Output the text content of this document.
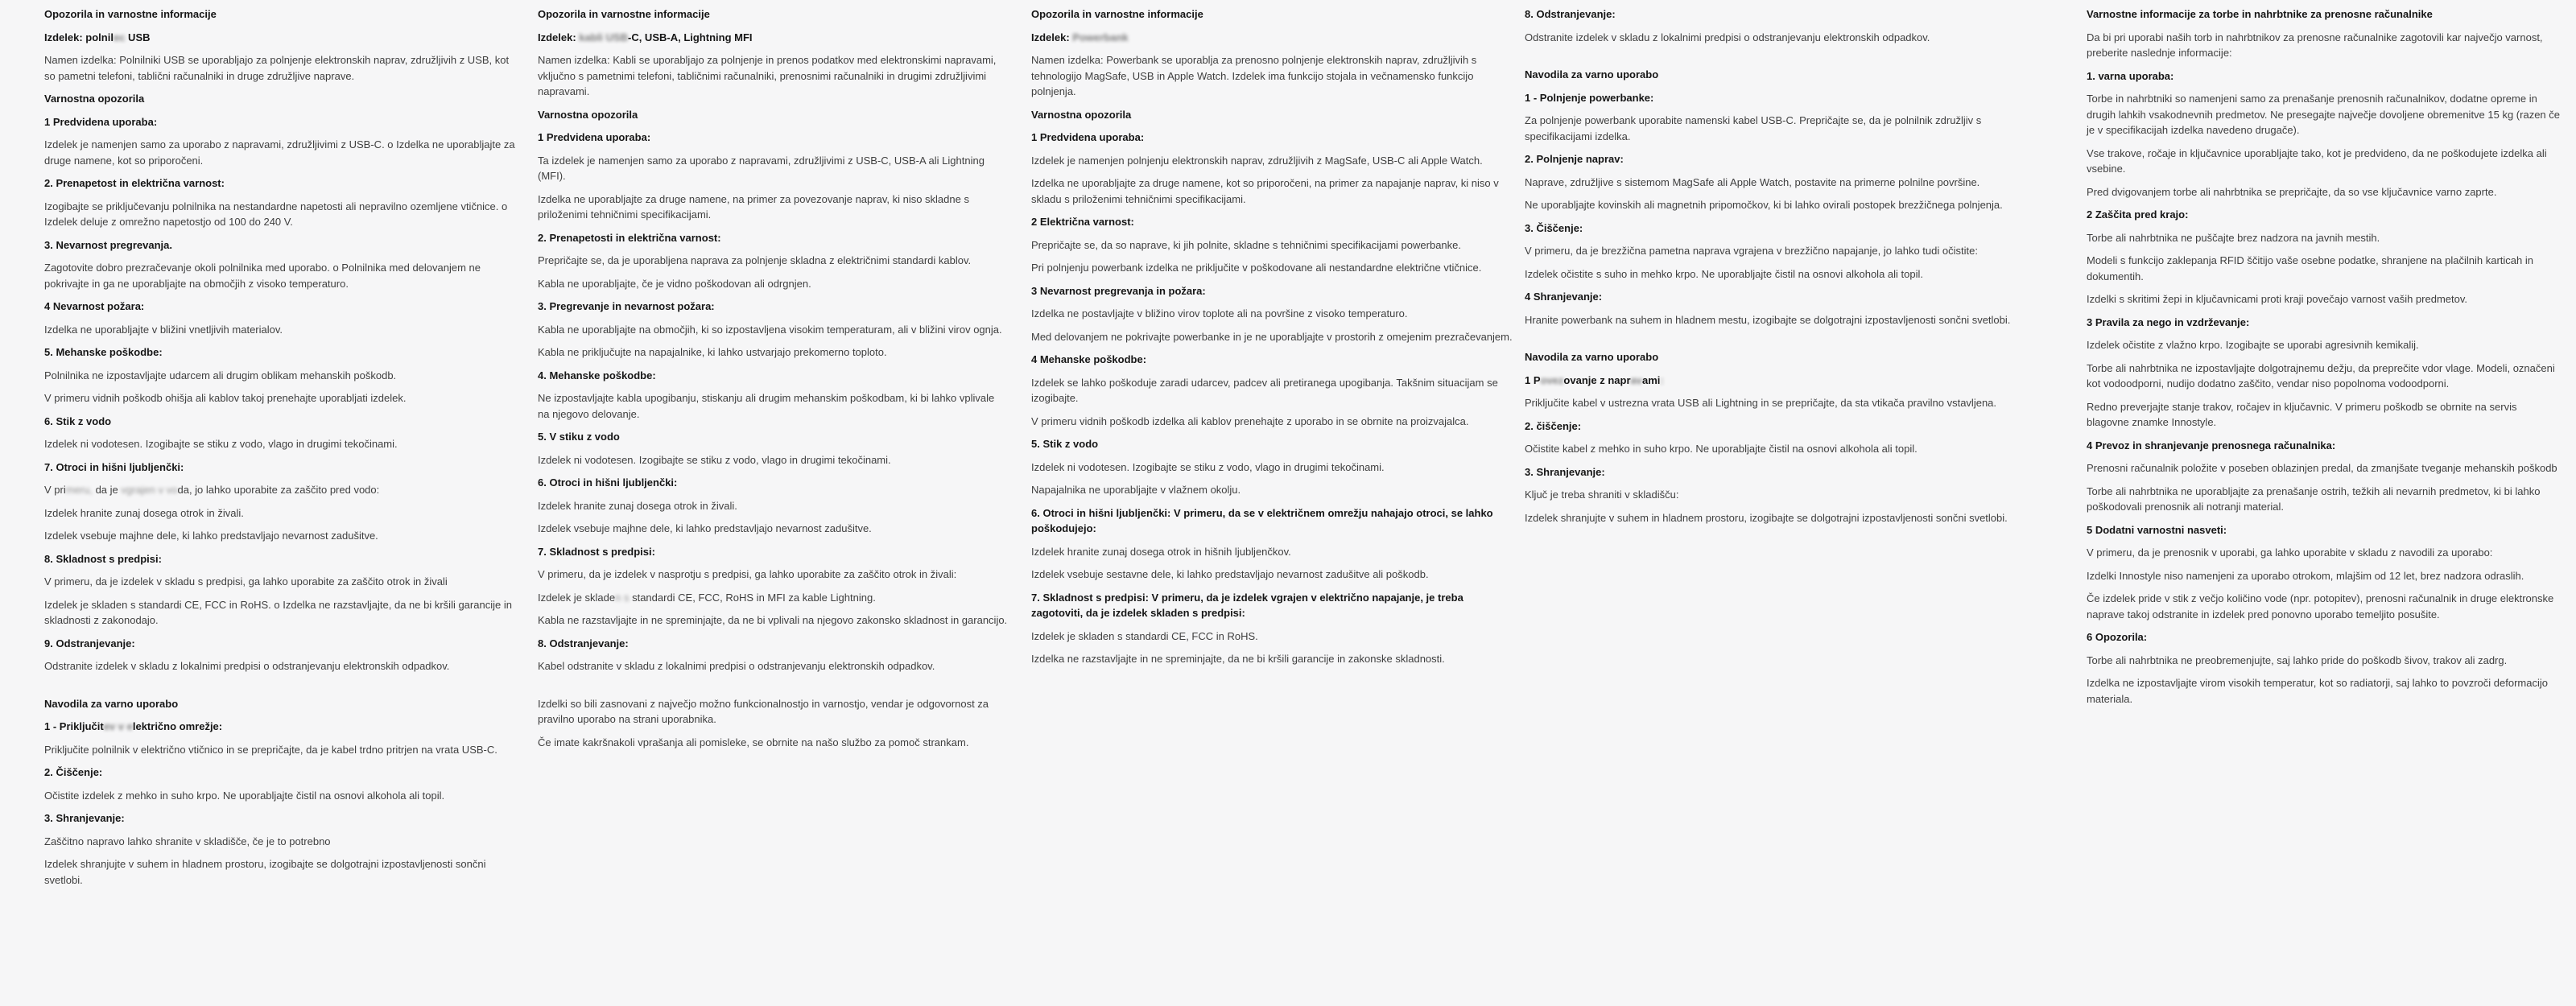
Opozorila in varnostne informacije
Izdelek: polnilec USB
Namen izdelka: Polnilniki USB se uporabljajo za polnjenje elektronskih naprav, združljivih z USB, kot so pametni telefoni, tablični računalniki in druge združljive naprave.
Varnostna opozorila
1 Predvidena uporaba:
Izdelek je namenjen samo za uporabo z napravami, združljivimi z USB-C. o Izdelka ne uporabljajte za druge namene, kot so priporočeni.
2. Prenapetost in električna varnost:
Izogibajte se priključevanju polnilnika na nestandardne napetosti ali nepravilno ozemljene vtičnice. o Izdelek deluje z omrežno napetostjo od 100 do 240 V.
3. Nevarnost pregrevanja.
Zagotovite dobro prezračevanje okoli polnilnika med uporabo. o Polnilnika med delovanjem ne pokrivajte in ga ne uporabljajte na območjih z visoko temperaturo.
4 Nevarnost požara:
Izdelka ne uporabljajte v bližini vnetljivih materialov.
5. Mehanske poškodbe:
Polnilnika ne izpostavljajte udarcem ali drugim oblikam mehanskih poškodb.
V primeru vidnih poškodb ohišja ali kablov takoj prenehajte uporabljati izdelek.
6. Stik z vodo
Izdelek ni vodotesen. Izogibajte se stiku z vodo, vlago in drugimi tekočinami.
7. Otroci in hišni ljubljenčki:
V primeru, da je vgrajen v voda, jo lahko uporabite za zaščito pred vodo:
Izdelek hranite zunaj dosega otrok in živali.
Izdelek vsebuje majhne dele, ki lahko predstavljajo nevarnost zadušitve.
8. Skladnost s predpisi:
V primeru, da je izdelek v skladu s predpisi, ga lahko uporabite za zaščito otrok in živali
Izdelek je skladen s standardi CE, FCC in RoHS. o Izdelka ne razstavljajte, da ne bi kršili garancije in skladnosti z zakonodajo.
9. Odstranjevanje:
Odstranite izdelek v skladu z lokalnimi predpisi o odstranjevanju elektronskih odpadkov.
Navodila za varno uporabo
1 - Priključitev v električno omrežje:
Priključite polnilnik v električno vtičnico in se prepričajte, da je kabel trdno pritrjen na vrata USB-C.
2. Čiščenje:
Očistite izdelek z mehko in suho krpo. Ne uporabljajte čistil na osnovi alkohola ali topil.
3. Shranjevanje:
Zaščitno napravo lahko shranite v skladišče, če je to potrebno
Izdelek shranjujte v suhem in hladnem prostoru, izogibajte se dolgotrajni izpostavljenosti sončni svetlobi.
Opozorila in varnostne informacije
Izdelek: kabli USB-C, USB-A, Lightning MFI
Namen izdelka: Kabli se uporabljajo za polnjenje in prenos podatkov med elektronskimi napravami, vključno s pametnimi telefoni, tabličnimi računalniki, prenosnimi računalniki in drugimi združljivimi napravami.
Varnostna opozorila
1 Predvidena uporaba:
Ta izdelek je namenjen samo za uporabo z napravami, združljivimi z USB-C, USB-A ali Lightning (MFI).
Izdelka ne uporabljajte za druge namene, na primer za povezovanje naprav, ki niso skladne s priloženimi tehničnimi specifikacijami.
2. Prenapetosti in električna varnost:
Prepričajte se, da je uporabljena naprava za polnjenje skladna z električnimi standardi kablov.
Kabla ne uporabljajte, če je vidno poškodovan ali odrgnjen.
3. Pregrevanje in nevarnost požara:
Kabla ne uporabljajte na območjih, ki so izpostavljena visokim temperaturam, ali v bližini virov ognja.
Kabla ne priključujte na napajalnike, ki lahko ustvarjajo prekomerno toploto.
4. Mehanske poškodbe:
Ne izpostavljajte kabla upogibanju, stiskanju ali drugim mehanskim poškodbam, ki bi lahko vplivale na njegovo delovanje.
5. V stiku z vodo
Izdelek ni vodotesen. Izogibajte se stiku z vodo, vlago in drugimi tekočinami.
6. Otroci in hišni ljubljenčki:
Izdelek hranite zunaj dosega otrok in živali.
Izdelek vsebuje majhne dele, ki lahko predstavljajo nevarnost zadušitve.
7. Skladnost s predpisi:
V primeru, da je izdelek v nasprotju s predpisi, ga lahko uporabite za zaščito otrok in živali:
Izdelek je skladen s standardi CE, FCC, RoHS in MFI za kable Lightning.
Kabla ne razstavljajte in ne spreminjajte, da ne bi vplivali na njegovo zakonsko skladnost in garancijo.
8. Odstranjevanje:
Kabel odstranite v skladu z lokalnimi predpisi o odstranjevanju elektronskih odpadkov.
Izdelki so bili zasnovani z največjo možno funkcionalnostjo in varnostjo, vendar je odgovornost za pravilno uporabo na strani uporabnika.
Če imate kakršnakoli vprašanja ali pomisleke, se obrnite na našo službo za pomoč strankam.
Opozorila in varnostne informacije
Izdelek: Powerbank
Namen izdelka: Powerbank se uporablja za prenosno polnjenje elektronskih naprav, združljivih s tehnologijo MagSafe, USB in Apple Watch. Izdelek ima funkcijo stojala in večnamensko funkcijo polnjenja.
Varnostna opozorila
1 Predvidena uporaba:
Izdelek je namenjen polnjenju elektronskih naprav, združljivih z MagSafe, USB-C ali Apple Watch.
Izdelka ne uporabljajte za druge namene, kot so priporočeni, na primer za napajanje naprav, ki niso v skladu s priloženimi tehničnimi specifikacijami.
2 Električna varnost:
Prepričajte se, da so naprave, ki jih polnite, skladne s tehničnimi specifikacijami powerbanke.
Pri polnjenju powerbank izdelka ne priključite v poškodovane ali nestandardne električne vtičnice.
3 Nevarnost pregrevanja in požara:
Izdelka ne postavljajte v bližino virov toplote ali na površine z visoko temperaturo.
Med delovanjem ne pokrivajte powerbanke in je ne uporabljajte v prostorih z omejenim prezračevanjem.
4 Mehanske poškodbe:
Izdelek se lahko poškoduje zaradi udarcev, padcev ali pretiranega upogibanja. Takšnim situacijam se izogibajte.
V primeru vidnih poškodb izdelka ali kablov prenehajte z uporabo in se obrnite na proizvajalca.
5. Stik z vodo
Izdelek ni vodotesen. Izogibajte se stiku z vodo, vlago in drugimi tekočinami.
Napajalnika ne uporabljajte v vlažnem okolju.
6. Otroci in hišni ljubljenčki: V primeru, da se v električnem omrežju nahajajo otroci, se lahko poškodujejo:
Izdelek hranite zunaj dosega otrok in hišnih ljubljenčkov.
Izdelek vsebuje sestavne dele, ki lahko predstavljajo nevarnost zadušitve ali poškodb.
7. Skladnost s predpisi: V primeru, da je izdelek vgrajen v električno napajanje, je treba zagotoviti, da je izdelek skladen s predpisi:
Izdelek je skladen s standardi CE, FCC in RoHS.
Izdelka ne razstavljajte in ne spreminjajte, da ne bi kršili garancije in zakonske skladnosti.
8. Odstranjevanje:
Odstranite izdelek v skladu z lokalnimi predpisi o odstranjevanju elektronskih odpadkov.
Navodila za varno uporabo
1 - Polnjenje powerbanke:
Za polnjenje powerbank uporabite namenski kabel USB-C. Prepričajte se, da je polnilnik združljiv s specifikacijami izdelka.
2. Polnjenje naprav:
Naprave, združljive s sistemom MagSafe ali Apple Watch, postavite na primerne polnilne površine.
Ne uporabljajte kovinskih ali magnetnih pripomočkov, ki bi lahko ovirali postopek brezžičnega polnjenja.
3. Čiščenje:
V primeru, da je brezžična pametna naprava vgrajena v brezžično napajanje, jo lahko tudi očistite:
Izdelek očistite s suho in mehko krpo. Ne uporabljajte čistil na osnovi alkohola ali topil.
4 Shranjevanje:
Hranite powerbank na suhem in hladnem mestu, izogibajte se dolgotrajni izpostavljenosti sončni svetlobi.
Navodila za varno uporabo
1 Povezovanje z napravami:
Priključite kabel v ustrezna vrata USB ali Lightning in se prepričajte, da sta vtikača pravilno vstavljena.
2. čiščenje:
Očistite kabel z mehko in suho krpo. Ne uporabljajte čistil na osnovi alkohola ali topil.
3. Shranjevanje:
Ključ je treba shraniti v skladišču:
Izdelek shranjujte v suhem in hladnem prostoru, izogibajte se dolgotrajni izpostavljenosti sončni svetlobi.
Varnostne informacije za torbe in nahrbtnike za prenosne računalnike
Da bi pri uporabi naših torb in nahrbtnikov za prenosne računalnike zagotovili kar največjo varnost, preberite naslednje informacije:
1. varna uporaba:
Torbe in nahrbtniki so namenjeni samo za prenašanje prenosnih računalnikov, dodatne opreme in drugih lahkih vsakodnevnih predmetov. Ne presegajte največje dovoljene obremenitve 15 kg (razen če je v specifikacijah izdelka navedeno drugače).
Vse trakove, ročaje in ključavnice uporabljajte tako, kot je predvideno, da ne poškodujete izdelka ali vsebine.
Pred dvigovanjem torbe ali nahrbtnika se prepričajte, da so vse ključavnice varno zaprte.
2 Zaščita pred krajo:
Torbe ali nahrbtnika ne puščajte brez nadzora na javnih mestih.
Modeli s funkcijo zaklepanja RFID ščitijo vaše osebne podatke, shranjene na plačilnih karticah in dokumentih.
Izdelki s skritimi žepi in ključavnicami proti kraji povečajo varnost vaših predmetov.
3 Pravila za nego in vzdrževanje:
Izdelek očistite z vlažno krpo. Izogibajte se uporabi agresivnih kemikalij.
Torbe ali nahrbtnika ne izpostavljajte dolgotrajnemu dežju, da preprečite vdor vlage. Modeli, označeni kot vodoodporni, nudijo dodatno zaščito, vendar niso popolnoma vodoodporni.
Redno preverjajte stanje trakov, ročajev in ključavnic. V primeru poškodb se obrnite na servis blagovne znamke Innostyle.
4 Prevoz in shranjevanje prenosnega računalnika:
Prenosni računalnik položite v poseben oblazinjen predal, da zmanjšate tveganje mehanskih poškodb
Torbe ali nahrbtnika ne uporabljajte za prenašanje ostrih, težkih ali nevarnih predmetov, ki bi lahko poškodovali prenosnik ali notranji material.
5 Dodatni varnostni nasveti:
V primeru, da je prenosnik v uporabi, ga lahko uporabite v skladu z navodili za uporabo:
Izdelki Innostyle niso namenjeni za uporabo otrokom, mlajšim od 12 let, brez nadzora odraslih.
Če izdelek pride v stik z večjo količino vode (npr. potopitev), prenosni računalnik in druge elektronske naprave takoj odstranite in izdelek pred ponovno uporabo temeljito posušite.
6 Opozorila:
Torbe ali nahrbtnika ne preobremenjujte, saj lahko pride do poškodb šivov, trakov ali zadrg.
Izdelka ne izpostavljajte virom visokih temperatur, kot so radiatorji, saj lahko to povzroči deformacijo materiala.
